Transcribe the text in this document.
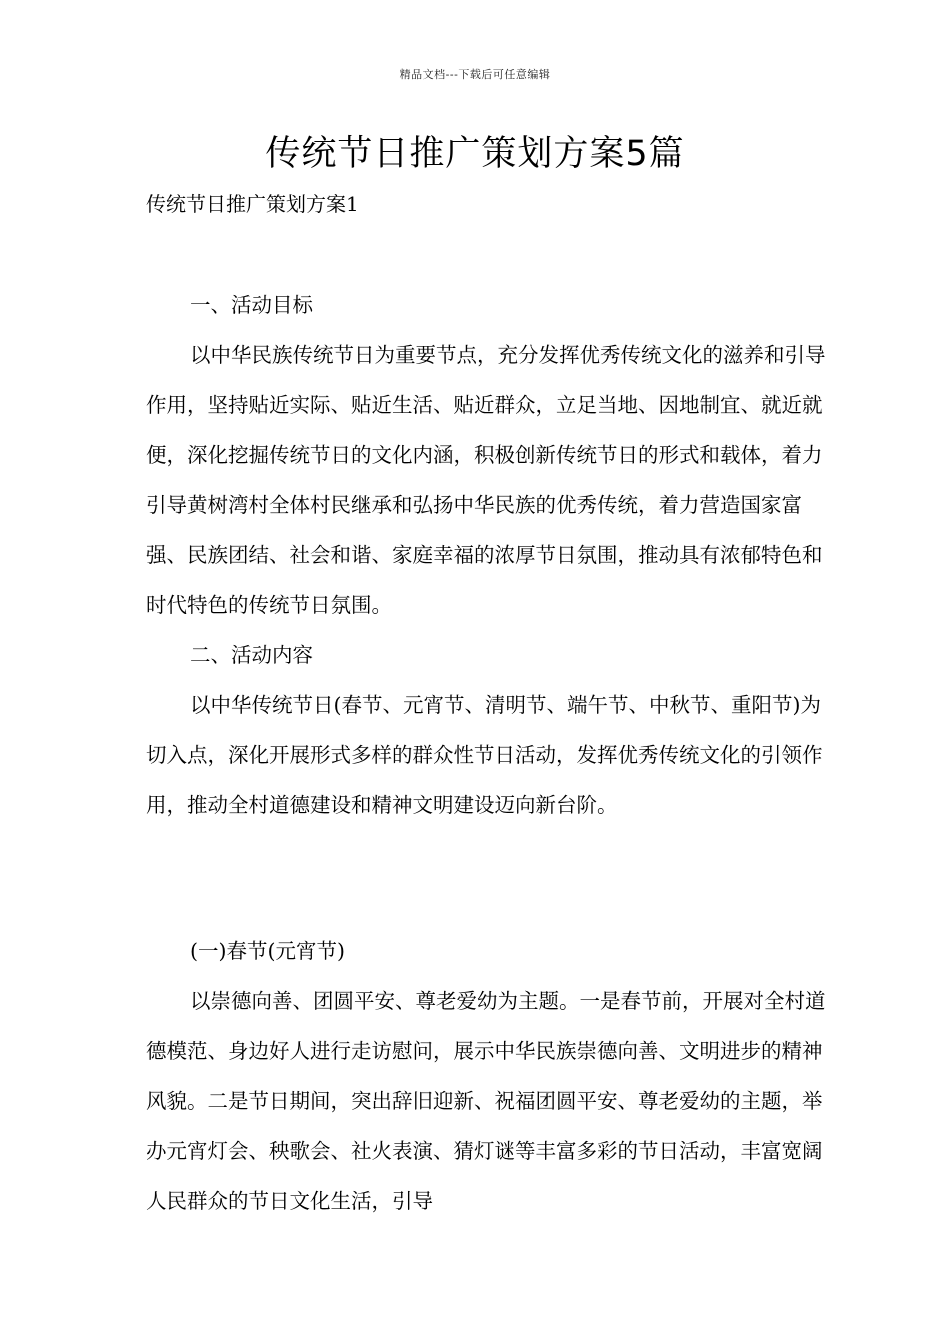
精品文档---下载后可任意编辑
传统节日推广策划方案5篇
传统节日推广策划方案1

一、活动目标

以中华民族传统节日为重要节点，充分发挥优秀传统文化的滋养和引导作用，坚持贴近实际、贴近生活、贴近群众，立足当地、因地制宜、就近就便，深化挖掘传统节日的文化内涵，积极创新传统节日的形式和载体，着力引导黄树湾村全体村民继承和弘扬中华民族的优秀传统，着力营造国家富强、民族团结、社会和谐、家庭幸福的浓厚节日氛围，推动具有浓郁特色和时代特色的传统节日氛围。

二、活动内容

以中华传统节日(春节、元宵节、清明节、端午节、中秋节、重阳节)为切入点，深化开展形式多样的群众性节日活动，发挥优秀传统文化的引领作用，推动全村道德建设和精神文明建设迈向新台阶。

(一)春节(元宵节)

以崇德向善、团圆平安、尊老爱幼为主题。一是春节前，开展对全村道德模范、身边好人进行走访慰问，展示中华民族崇德向善、文明进步的精神风貌。二是节日期间，突出辞旧迎新、祝福团圆平安、尊老爱幼的主题，举办元宵灯会、秧歌会、社火表演、猜灯谜等丰富多彩的节日活动，丰富宽阔人民群众的节日文化生活，引导
